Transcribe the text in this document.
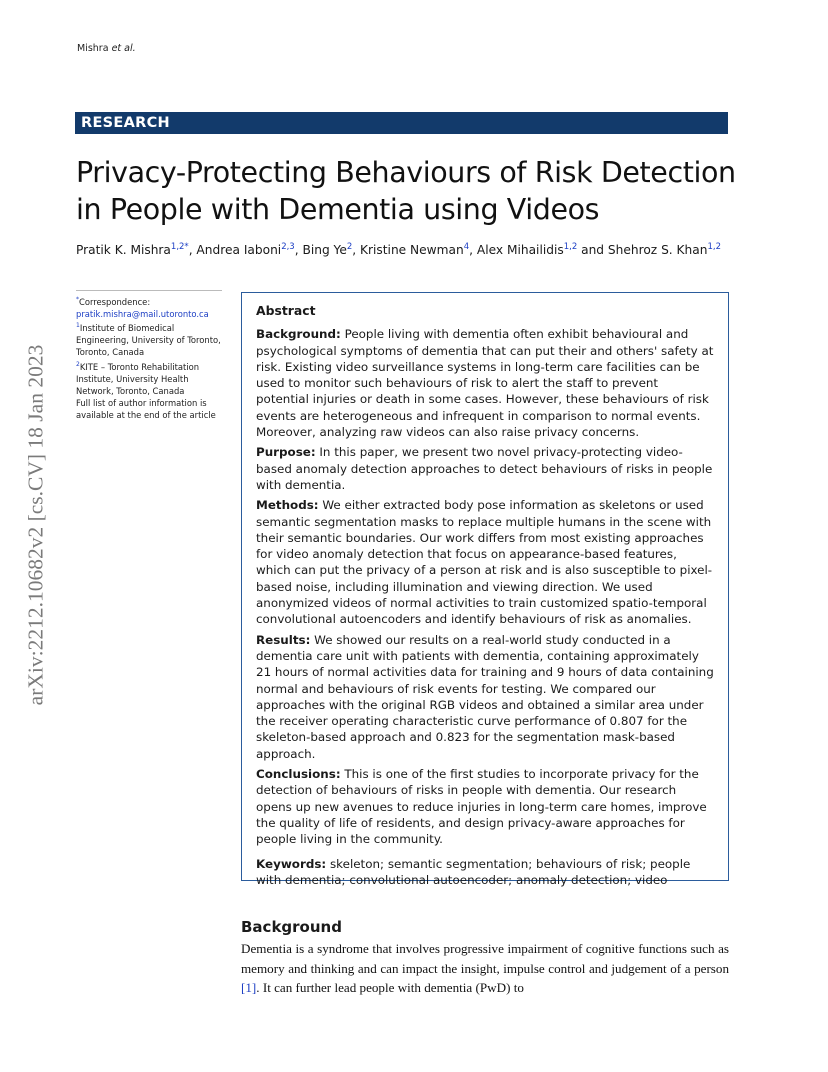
Mishra et al.
RESEARCH
Privacy-Protecting Behaviours of Risk Detection in People with Dementia using Videos
Pratik K. Mishra$^{1,2*}$, Andrea Iaboni$^{2,3}$, Bing Ye$^2$, Kristine Newman$^4$, Alex Mihailidis$^{1,2}$ and Shehroz S. Khan$^{1,2}$
*Correspondence:
pratik.mishra@mail.utoronto.ca
$^1$Institute of Biomedical Engineering, University of Toronto, Toronto, Canada
$^2$KITE – Toronto Rehabilitation Institute, University Health Network, Toronto, Canada
Full list of author information is available at the end of the article
arXiv:2212.10682v2 [cs.CV] 18 Jan 2023
Abstract

Background: People living with dementia often exhibit behavioural and psychological symptoms of dementia that can put their and others' safety at risk. Existing video surveillance systems in long-term care facilities can be used to monitor such behaviours of risk to alert the staff to prevent potential injuries or death in some cases. However, these behaviours of risk events are heterogeneous and infrequent in comparison to normal events. Moreover, analyzing raw videos can also raise privacy concerns.

Purpose: In this paper, we present two novel privacy-protecting video-based anomaly detection approaches to detect behaviours of risks in people with dementia.

Methods: We either extracted body pose information as skeletons or used semantic segmentation masks to replace multiple humans in the scene with their semantic boundaries. Our work differs from most existing approaches for video anomaly detection that focus on appearance-based features, which can put the privacy of a person at risk and is also susceptible to pixel-based noise, including illumination and viewing direction. We used anonymized videos of normal activities to train customized spatio-temporal convolutional autoencoders and identify behaviours of risk as anomalies.

Results: We showed our results on a real-world study conducted in a dementia care unit with patients with dementia, containing approximately 21 hours of normal activities data for training and 9 hours of data containing normal and behaviours of risk events for testing. We compared our approaches with the original RGB videos and obtained a similar area under the receiver operating characteristic curve performance of 0.807 for the skeleton-based approach and 0.823 for the segmentation mask-based approach.

Conclusions: This is one of the first studies to incorporate privacy for the detection of behaviours of risks in people with dementia. Our research opens up new avenues to reduce injuries in long-term care homes, improve the quality of life of residents, and design privacy-aware approaches for people living in the community.

Keywords: skeleton; semantic segmentation; behaviours of risk; people with dementia; convolutional autoencoder; anomaly detection; video

Background

Dementia is a syndrome that involves progressive impairment of cognitive functions such as memory and thinking and can impact the insight, impulse control and judgement of a person [1]. It can further lead people with dementia (PwD) to
